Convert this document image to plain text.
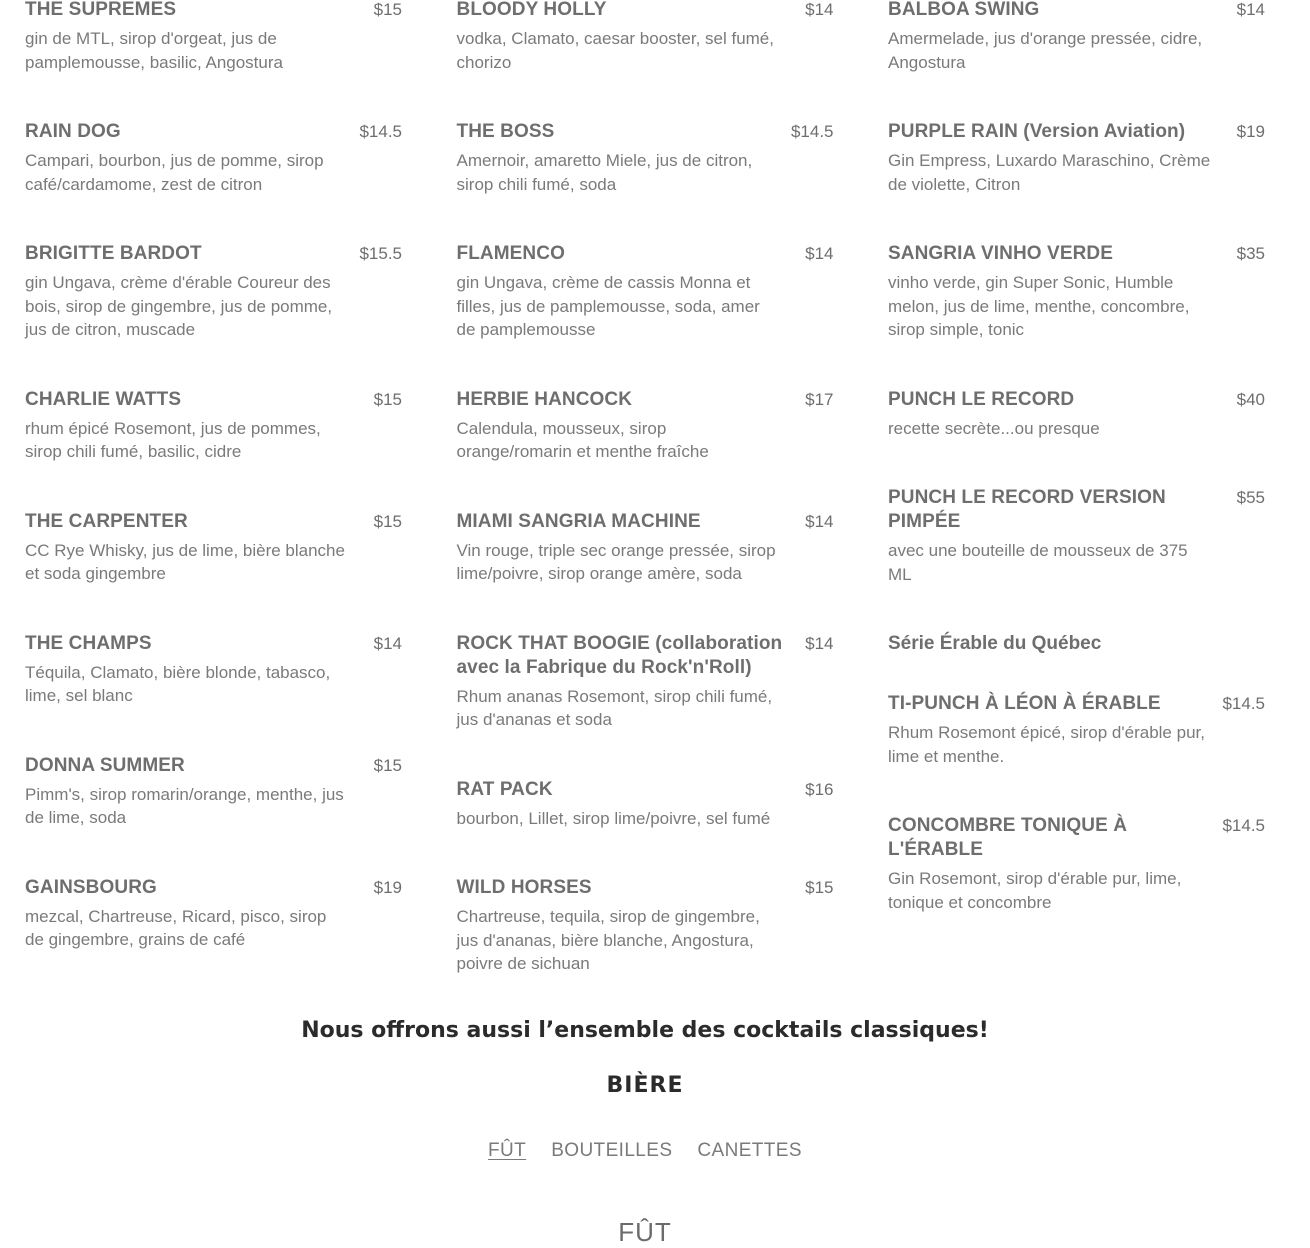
THE SUPREMES	$15
gin de MTL, sirop d'orgeat, jus de pamplemousse, basilic, Angostura
RAIN DOG	$14.5
Campari, bourbon, jus de pomme, sirop café/cardamome, zest de citron
BRIGITTE BARDOT	$15.5
gin Ungava, crème d'érable Coureur des bois, sirop de gingembre, jus de pomme, jus de citron, muscade
CHARLIE WATTS	$15
rhum épicé Rosemont, jus de pommes, sirop chili fumé, basilic, cidre
THE CARPENTER	$15
CC Rye Whisky, jus de lime, bière blanche et soda gingembre
THE CHAMPS	$14
Téquila, Clamato, bière blonde, tabasco, lime, sel blanc
DONNA SUMMER	$15
Pimm's, sirop romarin/orange, menthe, jus de lime, soda
GAINSBOURG	$19
mezcal, Chartreuse, Ricard, pisco, sirop de gingembre, grains de café
BLOODY HOLLY	$14
vodka, Clamato, caesar booster, sel fumé, chorizo
THE BOSS	$14.5
Amernoir, amaretto Miele, jus de citron, sirop chili fumé, soda
FLAMENCO	$14
gin Ungava, crème de cassis Monna et filles, jus de pamplemousse, soda, amer de pamplemousse
HERBIE HANCOCK	$17
Calendula, mousseux, sirop orange/romarin et menthe fraîche
MIAMI SANGRIA MACHINE	$14
Vin rouge, triple sec orange pressée, sirop lime/poivre, sirop orange amère, soda
ROCK THAT BOOGIE (collaboration avec la Fabrique du Rock'n'Roll)
$14
Rhum ananas Rosemont, sirop chili fumé, jus d'ananas et soda
RAT PACK	$16
bourbon, Lillet, sirop lime/poivre, sel fumé
WILD HORSES	$15
Chartreuse, tequila, sirop de gingembre, jus d'ananas, bière blanche, Angostura, poivre de sichuan
BALBOA SWING	$14
Amermelade, jus d'orange pressée, cidre, Angostura
PURPLE RAIN (Version Aviation)	$19
Gin Empress, Luxardo Maraschino, Crème de violette, Citron
SANGRIA VINHO VERDE	$35
vinho verde, gin Super Sonic, Humble melon, jus de lime, menthe, concombre, sirop simple, tonic
PUNCH LE RECORD	$40
recette secrète...ou presque
PUNCH LE RECORD VERSION PIMPÉE
$55
avec une bouteille de mousseux de 375 ML
Série Érable du Québec
TI-PUNCH À LÉON À ÉRABLE	$14.5
Rhum Rosemont épicé, sirop d'érable pur, lime et menthe.
CONCOMBRE TONIQUE À L'ÉRABLE
$14.5
Gin Rosemont, sirop d'érable pur, lime, tonique et concombre
Nous offrons aussi l’ensemble des cocktails classiques!
BIÈRE
FÛT BOUTEILLES CANETTES
FÛT
